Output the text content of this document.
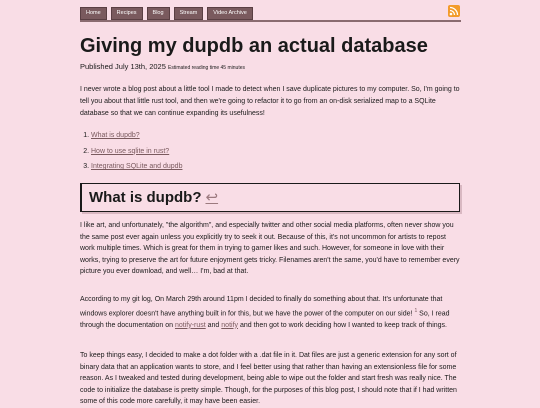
Home	Recipes	Blog	Stream	Video Archive
Giving my dupdb an actual database
Published July 13th, 2025 Estimated reading time 45 minutes

I never wrote a blog post about a little tool I made to detect when I save duplicate pictures to my computer. So, I'm going to tell you about that little rust tool, and then we're going to refactor it to go from an on-disk serialized map to a SQLite database so that we can continue expanding its usefulness!

1. What is dupdb?
2. How to use sqlite in rust?
3. Integrating SQLite and dupdb
What is dupdb? ↩

I like art, and unfortunately, "the algorithm", and especially twitter and other social media platforms, often never show you the same post ever again unless you explicitly try to seek it out. Because of this, it's not uncommon for artists to repost work multiple times. Which is great for them in trying to garner likes and such. However, for someone in love with their works, trying to preserve the art for future enjoyment gets tricky. Filenames aren't the same, you'd have to remember every picture you ever download, and well… I'm, bad at that.

According to my git log, On March 29th around 11pm I decided to finally do something about that. It's unfortunate that windows explorer doesn't have anything built in for this, but we have the power of the computer on our side! $^1$ So, I read through the documentation on notify-rust and notify and then got to work deciding how I wanted to keep track of things.

To keep things easy, I decided to make a dot folder with a .dat file in it. Dat files are just a generic extension for any sort of binary data that an application wants to store, and I feel better using that rather than having an extensionless file for some reason. As I tweaked and tested during development, being able to wipe out the folder and start fresh was really nice. The code to initialize the database is pretty simple. Though, for the purposes of this blog post, I should note that if I had written some of this code more carefully, it may have been easier.
